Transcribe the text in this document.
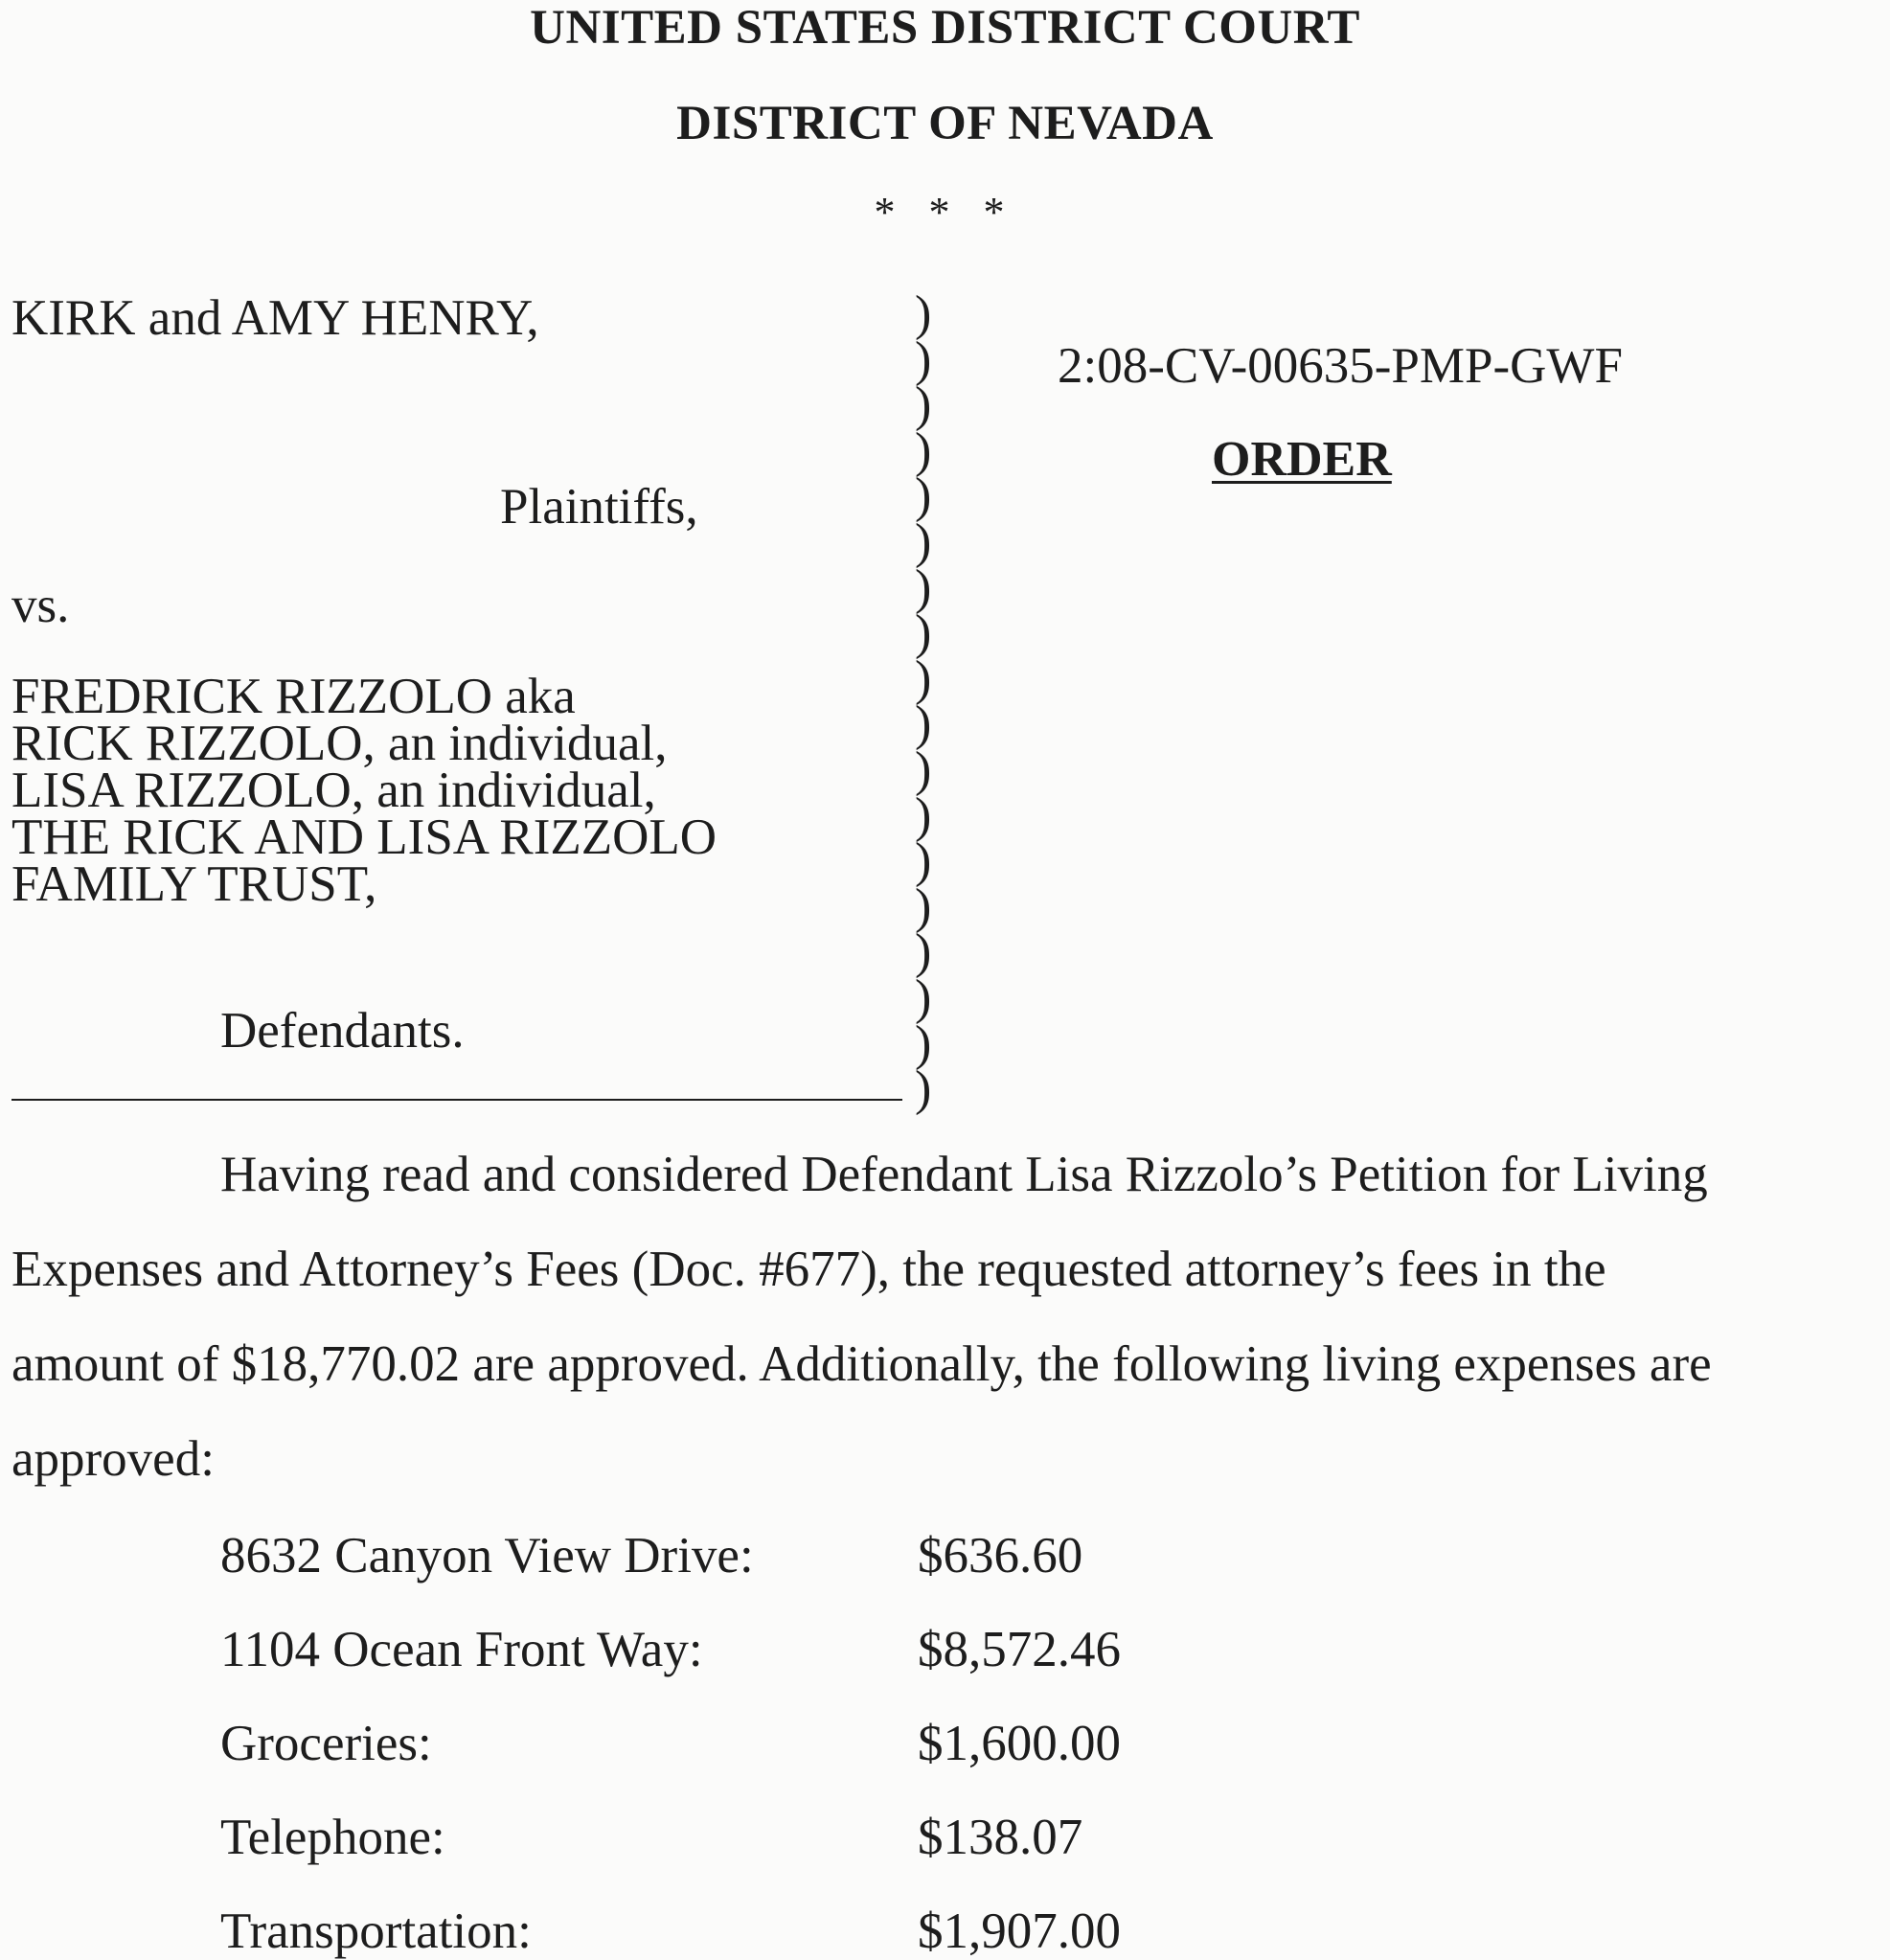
UNITED STATES DISTRICT COURT
DISTRICT OF NEVADA
* * *
KIRK and AMY HENRY,
Plaintiffs,
vs.
FREDRICK RIZZOLO aka
RICK RIZZOLO, an individual,
LISA RIZZOLO, an individual,
THE RICK AND LISA RIZZOLO
FAMILY TRUST,
Defendants.
)
)
)
)
)
)
)
)
)
)
)
)
)
)
)
)
)
)
2:08-CV-00635-PMP-GWF
ORDER
Having read and considered Defendant Lisa Rizzolo’s Petition for Living
Expenses and Attorney’s Fees (Doc. #677), the requested attorney’s fees in the
amount of $18,770.02 are approved. Additionally, the following living expenses are
approved:
8632 Canyon View Drive:	$636.60
1104 Ocean Front Way:	$8,572.46
Groceries:	$1,600.00
Telephone:	$138.07
Transportation:	$1,907.00
